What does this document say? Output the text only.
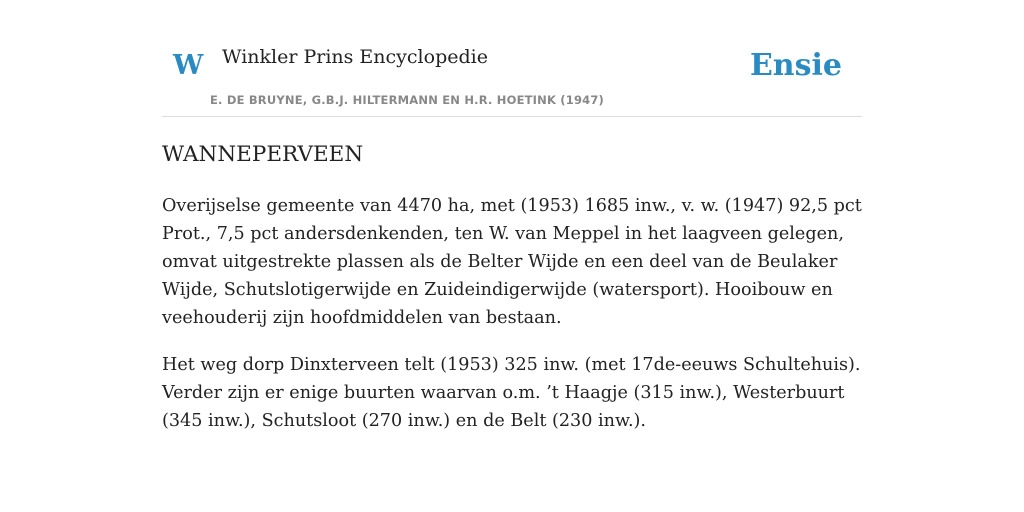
W Winkler Prins Encyclopedie
E. DE BRUYNE, G.B.J. HILTERMANN EN H.R. HOETINK (1947)
Ensie
WANNEPERVEEN

Overijselse gemeente van 4470 ha, met (1953) 1685 inw., v. w. (1947) 92,5 pct Prot., 7,5 pct andersdenkenden, ten W. van Meppel in het laagveen gelegen, omvat uitgestrekte plassen als de Belter Wijde en een deel van de Beulaker Wijde, Schutslotigerwijde en Zuideindigerwijde (watersport). Hooibouw en veehouderij zijn hoofdmiddelen van bestaan.

Het weg dorp Dinxterveen telt (1953) 325 inw. (met 17de-eeuws Schultehuis). Verder zijn er enige buurten waarvan o.m. ’t Haagje (315 inw.), Westerbuurt (345 inw.), Schutsloot (270 inw.) en de Belt (230 inw.).
